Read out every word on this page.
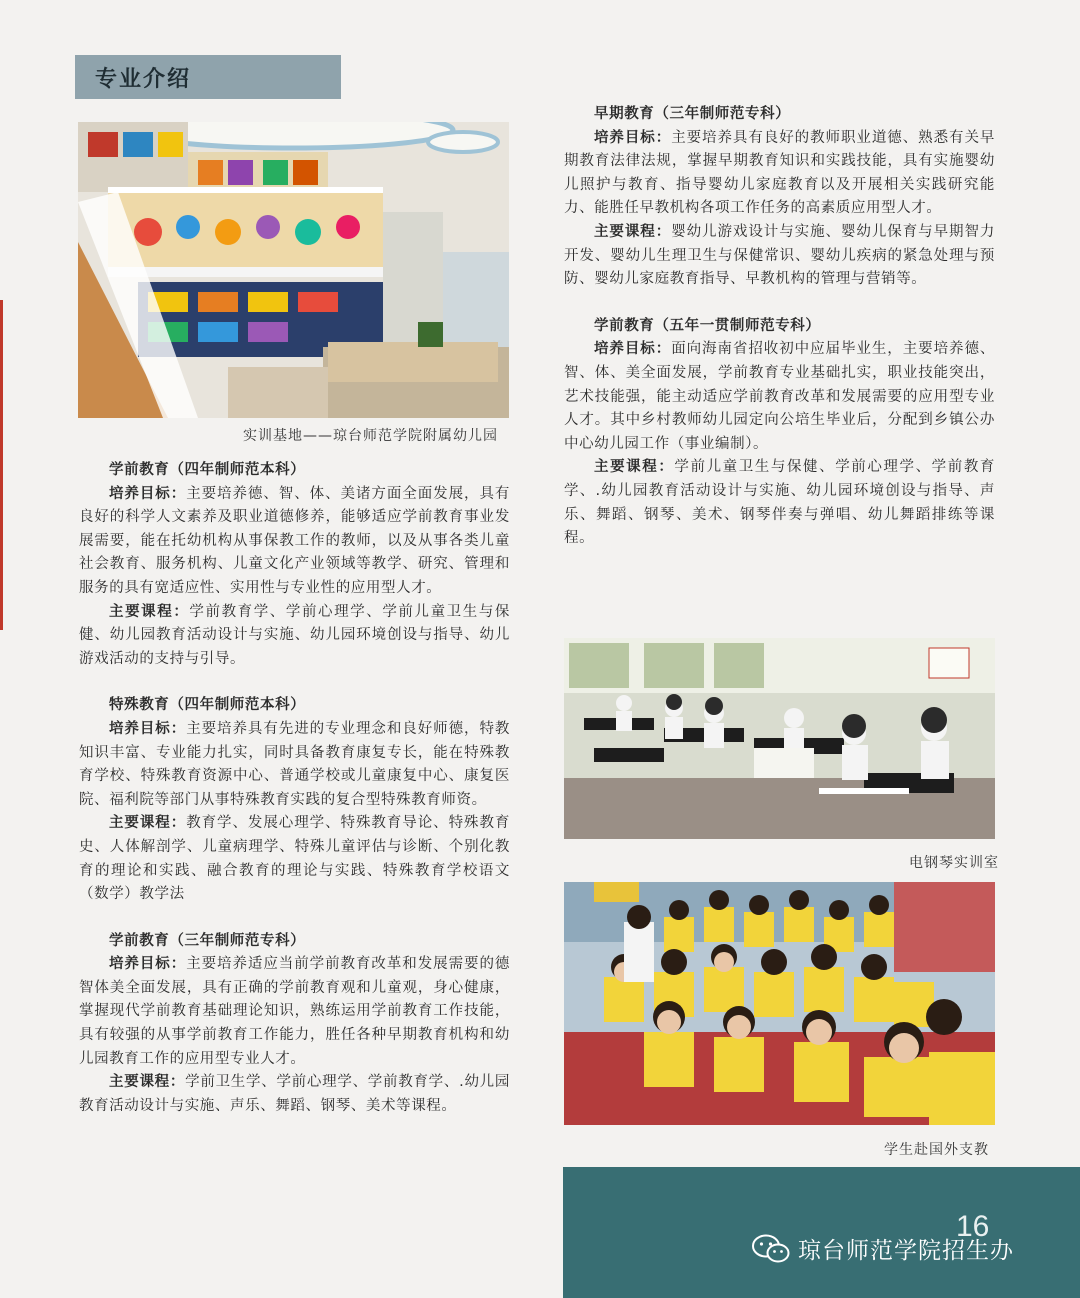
专业介绍
实训基地——琼台师范学院附属幼儿园

学前教育（四年制师范本科）

培养目标：主要培养德、智、体、美诸方面全面发展，具有良好的科学人文素养及职业道德修养，能够适应学前教育事业发展需要，能在托幼机构从事保教工作的教师，以及从事各类儿童社会教育、服务机构、儿童文化产业领域等教学、研究、管理和服务的具有宽适应性、实用性与专业性的应用型人才。

主要课程：学前教育学、学前心理学、学前儿童卫生与保健、幼儿园教育活动设计与实施、幼儿园环境创设与指导、幼儿游戏活动的支持与引导。

特殊教育（四年制师范本科）

培养目标：主要培养具有先进的专业理念和良好师德，特教知识丰富、专业能力扎实，同时具备教育康复专长，能在特殊教育学校、特殊教育资源中心、普通学校或儿童康复中心、康复医院、福利院等部门从事特殊教育实践的复合型特殊教育师资。

主要课程：教育学、发展心理学、特殊教育导论、特殊教育史、人体解剖学、儿童病理学、特殊儿童评估与诊断、个别化教育的理论和实践、融合教育的理论与实践、特殊教育学校语文（数学）教学法

学前教育（三年制师范专科）

培养目标：主要培养适应当前学前教育改革和发展需要的德智体美全面发展，具有正确的学前教育观和儿童观，身心健康，掌握现代学前教育基础理论知识，熟练运用学前教育工作技能，具有较强的从事学前教育工作能力，胜任各种早期教育机构和幼儿园教育工作的应用型专业人才。

主要课程：学前卫生学、学前心理学、学前教育学、.幼儿园教育活动设计与实施、声乐、舞蹈、钢琴、美术等课程。

早期教育（三年制师范专科）

培养目标：主要培养具有良好的教师职业道德、熟悉有关早期教育法律法规，掌握早期教育知识和实践技能，具有实施婴幼儿照护与教育、指导婴幼儿家庭教育以及开展相关实践研究能力、能胜任早教机构各项工作任务的高素质应用型人才。

主要课程：婴幼儿游戏设计与实施、婴幼儿保育与早期智力开发、婴幼儿生理卫生与保健常识、婴幼儿疾病的紧急处理与预防、婴幼儿家庭教育指导、早教机构的管理与营销等。

学前教育（五年一贯制师范专科）

培养目标：面向海南省招收初中应届毕业生，主要培养德、智、体、美全面发展，学前教育专业基础扎实，职业技能突出，艺术技能强，能主动适应学前教育改革和发展需要的应用型专业人才。其中乡村教师幼儿园定向公培生毕业后，分配到乡镇公办中心幼儿园工作（事业编制）。

主要课程：学前儿童卫生与保健、学前心理学、学前教育学、.幼儿园教育活动设计与实施、幼儿园环境创设与指导、声乐、舞蹈、钢琴、美术、钢琴伴奏与弹唱、幼儿舞蹈排练等课程。

电钢琴实训室
学生赴国外支教
16
琼台师范学院招生办
